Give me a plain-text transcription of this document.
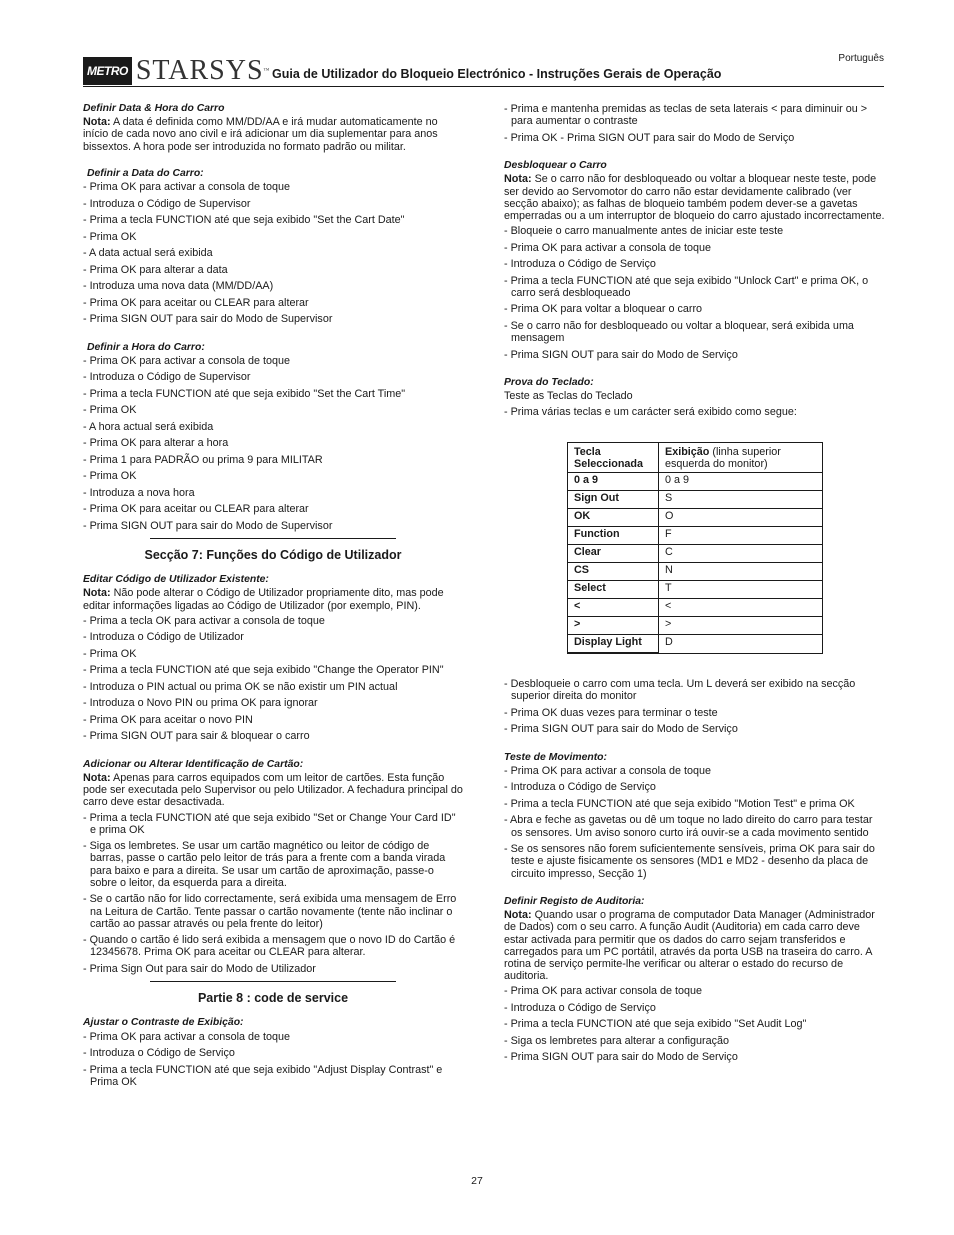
Português
METRO STARSYS™ Guia de Utilizador do Bloqueio Electrónico - Instruções Gerais de Operação
Definir Data & Hora do Carro
Nota: A data é definida como MM/DD/AA e irá mudar automaticamente no início de cada novo ano civil e irá adicionar um dia suplementar para anos bissextos. A hora pode ser introduzida no formato padrão ou militar.
Definir a Data do Carro:
- Prima OK para activar a consola de toque
- Introduza o Código de Supervisor
- Prima a tecla FUNCTION até que seja exibido "Set the Cart Date"
- Prima OK
- A data actual será exibida
- Prima OK para alterar a data
- Introduza uma nova data (MM/DD/AA)
- Prima OK para aceitar ou CLEAR para alterar
- Prima SIGN OUT para sair do Modo de Supervisor
Definir a Hora do Carro:
- Prima OK para activar a consola de toque
- Introduza o Código de Supervisor
- Prima a tecla FUNCTION até que seja exibido "Set the Cart Time"
- Prima OK
- A hora actual será exibida
- Prima OK para alterar a hora
- Prima 1 para PADRÃO ou prima 9 para MILITAR
- Prima OK
- Introduza a nova hora
- Prima OK para aceitar ou CLEAR para alterar
- Prima SIGN OUT para sair do Modo de Supervisor
Secção 7: Funções do Código de Utilizador
Editar Código de Utilizador Existente:
Nota: Não pode alterar o Código de Utilizador propriamente dito, mas pode editar informações ligadas ao Código de Utilizador (por exemplo, PIN).
- Prima a tecla OK para activar a consola de toque
- Introduza o Código de Utilizador
- Prima OK
- Prima a tecla FUNCTION até que seja exibido "Change the Operator PIN"
- Introduza o PIN actual ou prima OK se não existir um PIN actual
- Introduza o Novo PIN ou prima OK para ignorar
- Prima OK para aceitar o novo PIN
- Prima SIGN OUT para sair & bloquear o carro
Adicionar ou Alterar Identificação de Cartão:
Nota: Apenas para carros equipados com um leitor de cartões. Esta função pode ser executada pelo Supervisor ou pelo Utilizador. A fechadura principal do carro deve estar desactivada.
- Prima a tecla FUNCTION até que seja exibido "Set or Change Your Card ID" e prima OK
- Siga os lembretes. Se usar um cartão magnético ou leitor de código de barras, passe o cartão pelo leitor de trás para a frente com a banda virada para baixo e para a direita. Se usar um cartão de aproximação, passe-o sobre o leitor, da esquerda para a direita.
- Se o cartão não for lido correctamente, será exibida uma mensagem de Erro na Leitura de Cartão. Tente passar o cartão novamente (tente não inclinar o cartão ao passar através ou pela frente do leitor)
- Quando o cartão é lido será exibida a mensagem que o novo ID do Cartão é 12345678. Prima OK para aceitar ou CLEAR para alterar.
- Prima Sign Out para sair do Modo de Utilizador
Partie 8 : code de service
Ajustar o Contraste de Exibição:
- Prima OK para activar a consola de toque
- Introduza o Código de Serviço
- Prima a tecla FUNCTION até que seja exibido "Adjust Display Contrast" e Prima OK
- Prima e mantenha premidas as teclas de seta laterais < para diminuir ou > para aumentar o contraste
- Prima OK - Prima SIGN OUT para sair do Modo de Serviço
Desbloquear o Carro
Nota: Se o carro não for desbloqueado ou voltar a bloquear neste teste, pode ser devido ao Servomotor do carro não estar devidamente calibrado (ver secção abaixo); as falhas de bloqueio também podem dever-se a gavetas emperradas ou a um interruptor de bloqueio do carro ajustado incorrectamente.
- Bloqueie o carro manualmente antes de iniciar este teste
- Prima OK para activar a consola de toque
- Introduza o Código de Serviço
- Prima a tecla FUNCTION até que seja exibido "Unlock Cart" e prima OK, o carro será desbloqueado
- Prima OK para voltar a bloquear o carro
- Se o carro não for desbloqueado ou voltar a bloquear, será exibida uma mensagem
- Prima SIGN OUT para sair do Modo de Serviço
Prova do Teclado:
Teste as Teclas do Teclado
- Prima várias teclas e um carácter será exibido como segue:
Tecla Seleccionada	Exibição (linha superior esquerda do monitor)
0 a 9	0 a 9
Sign Out	S
OK	O
Function	F
Clear	C
CS	N
Select	T
<	<
>	>
Display Light	D
- Desbloqueie o carro com uma tecla. Um L deverá ser exibido na secção superior direita do monitor
- Prima OK duas vezes para terminar o teste
- Prima SIGN OUT para sair do Modo de Serviço
Teste de Movimento:
- Prima OK para activar a consola de toque
- Introduza o Código de Serviço
- Prima a tecla FUNCTION até que seja exibido "Motion Test" e prima OK
- Abra e feche as gavetas ou dê um toque no lado direito do carro para testar os sensores. Um aviso sonoro curto irá ouvir-se a cada movimento sentido
- Se os sensores não forem suficientemente sensíveis, prima OK para sair do teste e ajuste fisicamente os sensores (MD1 e MD2 - desenho da placa de circuito impresso, Secção 1)
Definir Registo de Auditoria:
Nota: Quando usar o programa de computador Data Manager (Administrador de Dados) com o seu carro. A função Audit (Auditoria) em cada carro deve estar activada para permitir que os dados do carro sejam transferidos e carregados para um PC portátil, através da porta USB na traseira do carro. A rotina de serviço permite-lhe verificar ou alterar o estado do recurso de auditoria.
- Prima OK para activar consola de toque
- Introduza o Código de Serviço
- Prima a tecla FUNCTION até que seja exibido "Set Audit Log"
- Siga os lembretes para alterar a configuração
- Prima SIGN OUT para sair do Modo de Serviço
27
